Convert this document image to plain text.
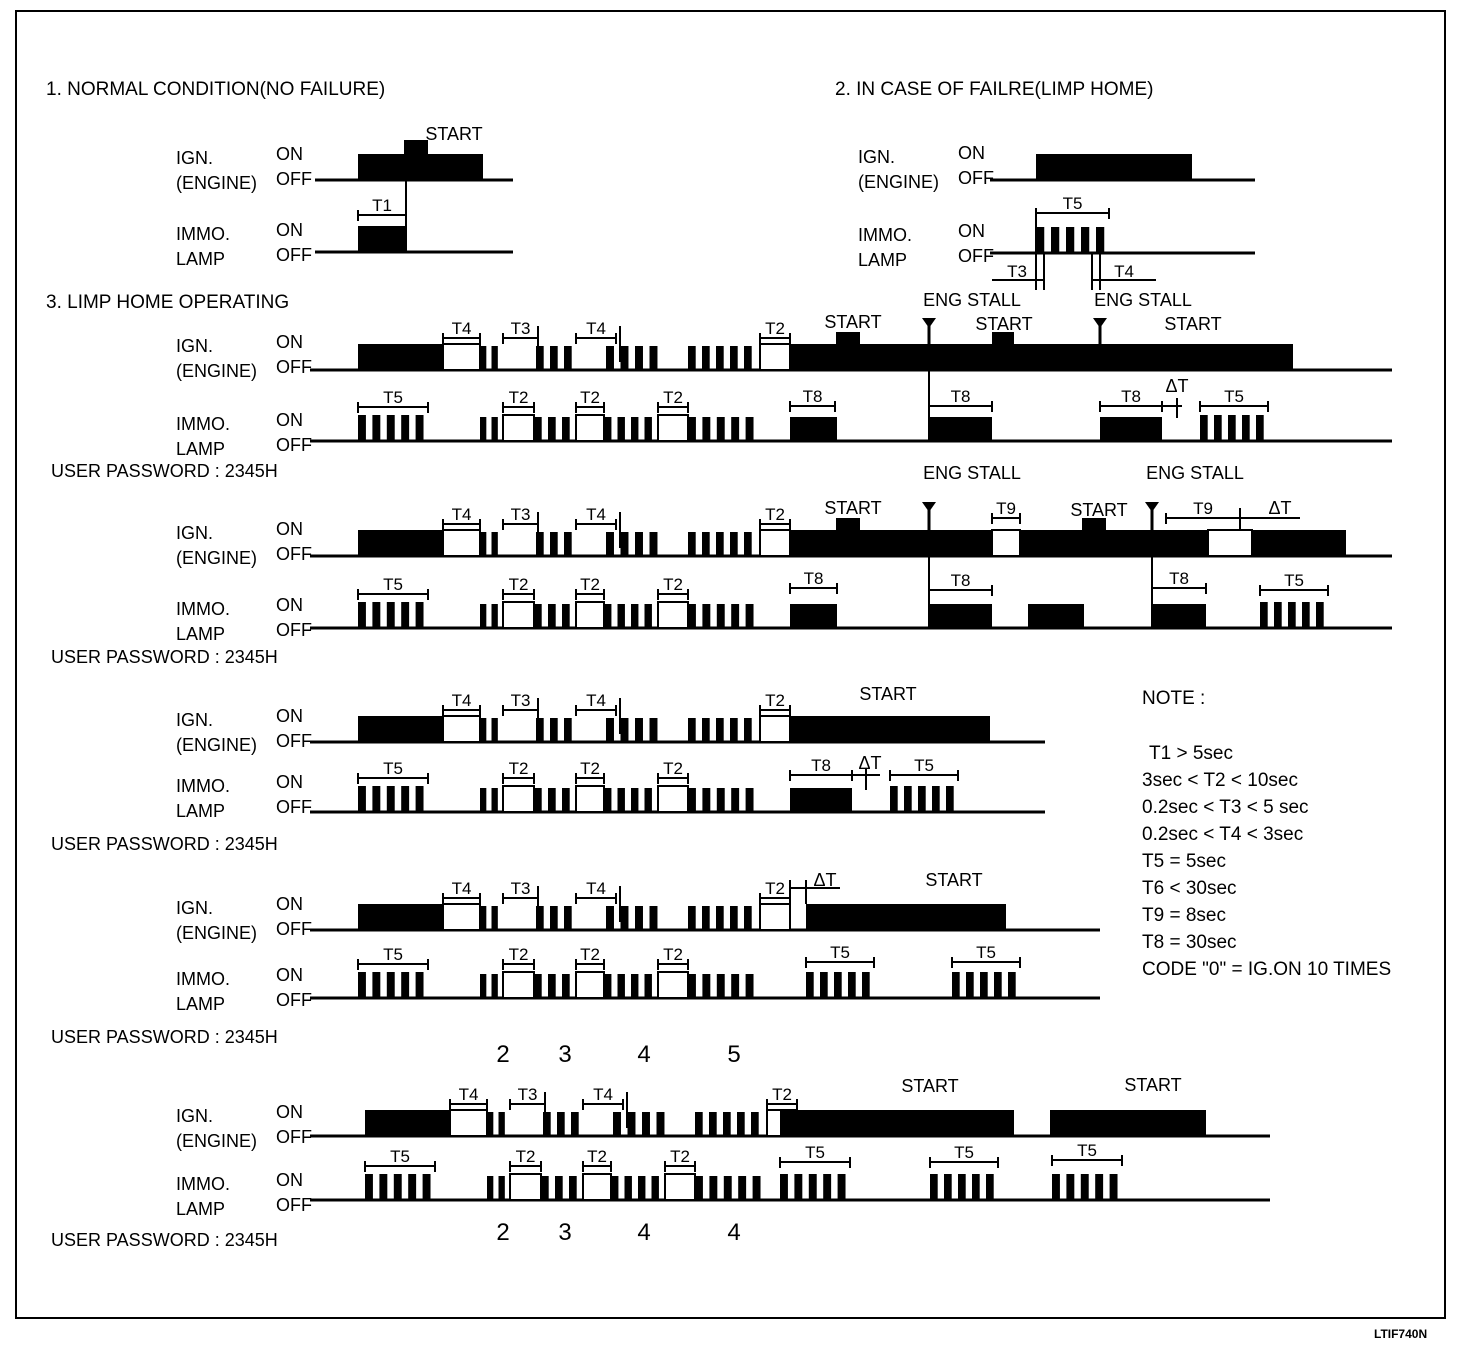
1. NORMAL CONDITION(NO FAILURE)	2. IN CASE OF FAILRE(LIMP HOME)
3. LIMP HOME OPERATING
IGN.
(ENGINE)
ON
OFF
IMMO.
LAMP
ON
OFF
START
T1
IGN.
(ENGINE)
ON
OFF
IMMO.
LAMP
ON
OFF
T5
T3	T4
IGN.
(ENGINE)
ON
OFF
IMMO.
LAMP
ON
OFF
T4 T3	T4	T2
T5	T2	T2	T2
START
ENG STALL
START
ENG STALL
START
T8	T8	T8
ΔT
T5
USER PASSWORD : 2345H
IGN.
(ENGINE)
ON
OFF
IMMO.
LAMP
ON
OFF
T4 T3	T4	T2
T5	T2	T2	T2
START
ENG STALL
T9	START
ENG STALL
T9	ΔT
T8	T8	T8	T5
USER PASSWORD : 2345H
IGN.
(ENGINE)
ON
OFF
IMMO.
LAMP
ON
OFF
T4 T3	T4	T2
T5	T2	T2	T2
START
T8 ΔT T5
USER PASSWORD : 2345H
IGN.
(ENGINE)
ON
OFF
IMMO.
LAMP
ON
OFF
T4 T3	T4	T2
T5	T2	T2	T2
ΔT	START
T5	T5
USER PASSWORD : 2345H
IGN.
(ENGINE)
ON
OFF
IMMO.
LAMP
ON
OFF
2 3	4	5
T4 T3	T4	T2
T5	T2	T2	T2
START	START
T5	T5	T5
2 3	4	4
USER PASSWORD : 2345H
NOTE :
T1 > 5sec
3sec < T2 < 10sec
0.2sec < T3 < 5 sec
0.2sec < T4 < 3sec
T5 = 5sec
T6 < 30sec
T9 = 8sec
T8 = 30sec
CODE "0" = IG.ON 10 TIMES
LTIF740N
